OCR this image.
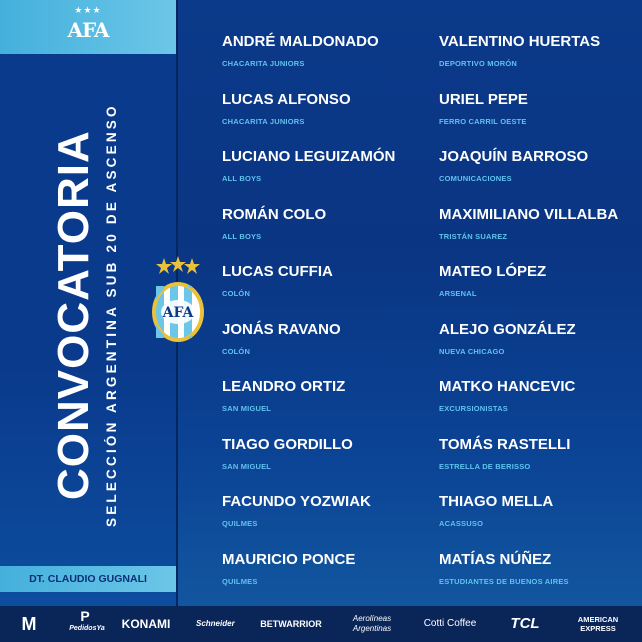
★★★
AFA
CONVOCATORIA SELECCIÓN ARGENTINA SUB 20 DE ASCENSO	AFA
DT. CLAUDIO GUGNALI
ANDRÉ MALDONADO
CHACARITA JUNIORS
LUCAS ALFONSO
CHACARITA JUNIORS
LUCIANO LEGUIZAMÓN
ALL BOYS
ROMÁN COLO
ALL BOYS
LUCAS CUFFIA
COLÓN
JONÁS RAVANO
COLÓN
LEANDRO ORTIZ
SAN MIGUEL
TIAGO GORDILLO
SAN MIGUEL
FACUNDO YOZWIAK
QUILMES
MAURICIO PONCE
QUILMES
VALENTINO HUERTAS
DEPORTIVO MORÓN
URIEL PEPE
FERRO CARRIL OESTE
JOAQUÍN BARROSO
COMUNICACIONES
MAXIMILIANO VILLALBA
TRISTÁN SUAREZ
MATEO LÓPEZ
ARSENAL
ALEJO GONZÁLEZ
NUEVA CHICAGO
MATKO HANCEVIC
EXCURSIONISTAS
TOMÁS RASTELLI
ESTRELLA DE BERISSO
THIAGO MELLA
ACASSUSO
MATÍAS NÚÑEZ
ESTUDIANTES DE BUENOS AIRES
M	PedidosYa
P	KONAMI	Schneider	BETWARRIOR
Aerolíneas
Argentinas	Cotti Coffee	TCL	AMERICAN
EXPRESS
